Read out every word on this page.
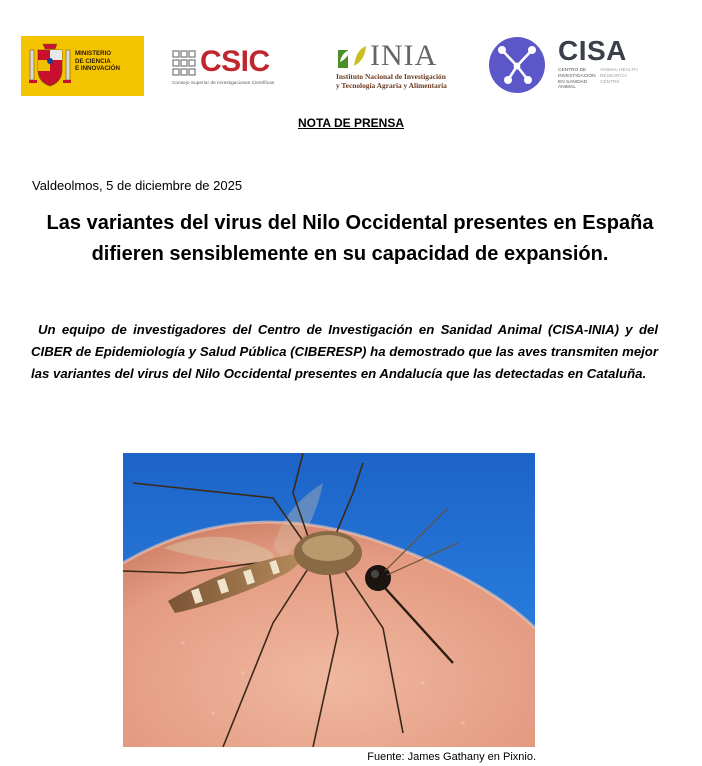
MINISTERIO
DE CIENCIA
E INNOVACIÓN	CSIC
Consejo Superior de Investigaciones Científicas
INIA
Instituto Nacional de Investigación
y Tecnología Agraria y Alimentaria
CISA
CENTRO DE INVESTIGACIÓN EN SANIDAD ANIMAL
ANIMAL HEALTH RESEARCH CENTRE
NOTA DE PRENSA
Valdeolmos, 5 de diciembre de 2025
Las variantes del virus del Nilo Occidental presentes en España difieren sensiblemente en su capacidad de expansión.
Un equipo de investigadores del Centro de Investigación en Sanidad Animal (CISA-INIA) y del CIBER de Epidemiología y Salud Pública (CIBERESP) ha demostrado que las aves transmiten mejor las variantes del virus del Nilo Occidental presentes en Andalucía que las detectadas en Cataluña.
Fuente: James Gathany en Pixnio.
